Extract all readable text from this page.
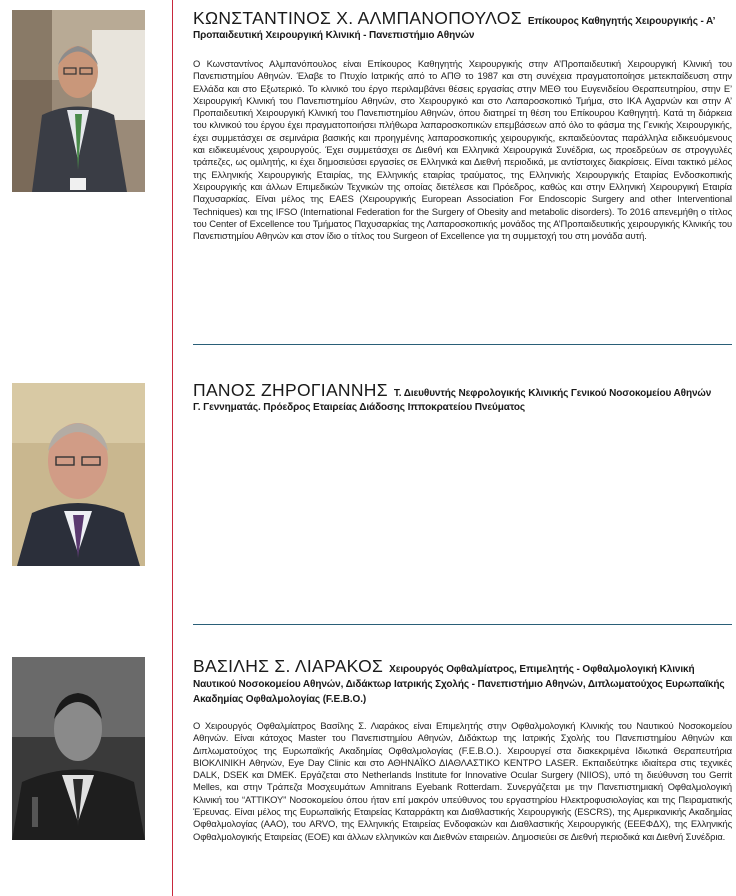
ΚΩΝΣΤΑΝΤΙΝΟΣ Χ. ΑΛΜΠΑΝΟΠΟΥΛΟΣ Επίκουρος Καθηγητής Χειρουργικής - Α’
Προπαιδευτική Χειρουργική Κλινική - Πανεπιστήμιο Αθηνών
Ο Κωνσταντίνος Αλμπανόπουλος είναι Επίκουρος Καθηγητής Χειρουργικής στην Α’Προπαιδευτική Χειρουργική Κλινική του Πανεπιστημίου Αθηνών. Έλαβε το Πτυχίο Ιατρικής από το ΑΠΘ το 1987 και στη συνέχεια πραγματοποίησε μετεκπαίδευση στην Ελλάδα και στο Εξωτερικό. Το κλινικό του έργο περιλαμβάνει θέσεις εργασίας στην ΜΕΘ του Ευγενιδείου Θεραπευτηρίου, στην Ε’ Χειρουργική Κλινική του Πανεπιστημίου Αθηνών, στο Χειρουργικό και στο Λαπαροσκοπικό Τμήμα, στο ΙΚΑ Αχαρνών και στην Α’ Προπαιδευτική Χειρουργική Κλινική του Πανεπιστημίου Αθηνών, όπου διατηρεί τη θέση του Επίκουρου Καθηγητή. Κατά τη διάρκεια του κλινικού του έργου έχει πραγματοποιήσει πλήθωρα λαπαροσκοπικών επεμβάσεων από όλο το φάσμα της Γενικής Χειρουργικής, έχει συμμετάσχει σε σεμινάρια βασικής και προηγμένης λαπαροσκοπικής χειρουργικής, εκπαιδεύοντας παράλληλα ειδικευόμενους και ειδικευμένους χειρουργούς. Έχει συμμετάσχει σε Διεθνή και Ελληνικά Χειρουργικά Συνέδρια, ως προεδρεύων σε στρογγυλές τράπεζες, ως ομιλητής, κι έχει δημοσιεύσει εργασίες σε Ελληνικά και Διεθνή περιοδικά, με αντίστοιχες διακρίσεις. Είναι τακτικό μέλος της Ελληνικής Χειρουργικής Εταιρίας, της Ελληνικής εταιρίας τραύματος, της Ελληνικής Χειρουργικής Εταιρίας Ενδοσκοπικής Χειρουργικής και άλλων Επιμεδικών Τεχνικών της οποίας διετέλεσε και Πρόεδρος, καθώς και στην Ελληνική Χειρουργική Εταιρία Παχυσαρκίας. Είναι μέλος της EAES (Χειρουργικής European Association For Endoscopic Surgery and other Interventional Techniques) και της IFSO (International Federation for the Surgery of Obesity and metabolic disorders). Το 2016 απενεμήθη ο τίτλος του Center of Excellence του Τμήματος Παχυσαρκίας της Λαπαροσκοπικής μονάδος της Α’Προπαιδευτικής χειρουργικής Κλινικής του Πανεπιστημίου Αθηνών και στον ίδιο ο τίτλος του Surgeon of Excellence για τη συμμετοχή του στη μονάδα αυτή.
ΠΑΝΟΣ ΖΗΡΟΓΙΑΝΝΗΣ Τ. Διευθυντής Νεφρολογικής Κλινικής Γενικού Νοσοκομείου Αθηνών
Γ. Γεννηματάς. Πρόεδρος Εταιρείας Διάδοσης Ιπποκρατείου Πνεύματος
ΒΑΣΙΛΗΣ Σ. ΛΙΑΡΑΚΟΣ Χειρουργός Οφθαλμίατρος, Επιμελητής - Οφθαλμολογική Κλινική Ναυτικού Νοσοκομείου Αθηνών, Διδάκτωρ Ιατρικής Σχολής - Πανεπιστήμιο Αθηνών, Διπλωματούχος Ευρωπαϊκής Ακαδημίας Οφθαλμολογίας (F.E.B.O.)
Ο Χειρουργός Οφθαλμίατρος Βασίλης Σ. Λιαράκος είναι Επιμελητής στην Οφθαλμολογική Κλινικής του Ναυτικού Νοσοκομείου Αθηνών. Είναι κάτοχος Master του Πανεπιστημίου Αθηνών, Διδάκτωρ της Ιατρικής Σχολής του Πανεπιστημίου Αθηνών και Διπλωματούχος της Ευρωπαϊκής Ακαδημίας Οφθαλμολογίας (F.E.B.O.). Χειρουργεί στα διακεκριμένα Ιδιωτικά Θεραπευτήρια ΒΙΟΚΛΙΝΙΚΗ Αθηνών, Eye Day Clinic και στο ΑΘΗΝΑΪΚΟ ΔΙΑΘΛΑΣΤΙΚΟ ΚΕΝΤΡΟ LASER. Εκπαιδεύτηκε ιδιαίτερα στις τεχνικές DALK, DSEK και DMEK. Εργάζεται στο Netherlands Institute for Innovative Ocular Surgery (NIIOS), υπό τη διεύθυνση του Gerrit Melles, και στην Τράπεζα Μοσχευμάτων Amnitrans Eyebank Rotterdam. Συνεργάζεται με την Πανεπιστημιακή Οφθαλμολογική Κλινική του “ΑΤΤΙΚΟΥ” Νοσοκομείου όπου ήταν επί μακρόν υπεύθυνος του εργαστηρίου Ηλεκτροφυσιολογίας και της Πειραματικής Έρευνας. Είναι μέλος της Ευρωπαϊκής Εταιρείας Καταρράκτη και Διαθλαστικής Χειρουργικής (ESCRS), της Αμερικανικής Ακαδημίας Οφθαλμολογίας (AAO), του ARVO, της Ελληνικής Εταιρείας Ενδοφακών και Διαθλαστικής Χειρουργικής (ΕΕΕΦΔΧ), της Ελληνικής Οφθαλμολογικής Εταιρείας (ΕΟΕ) και άλλων ελληνικών και Διεθνών εταιρειών. Δημοσιεύει σε Διεθνή περιοδικά και Διεθνή Συνέδρια.
